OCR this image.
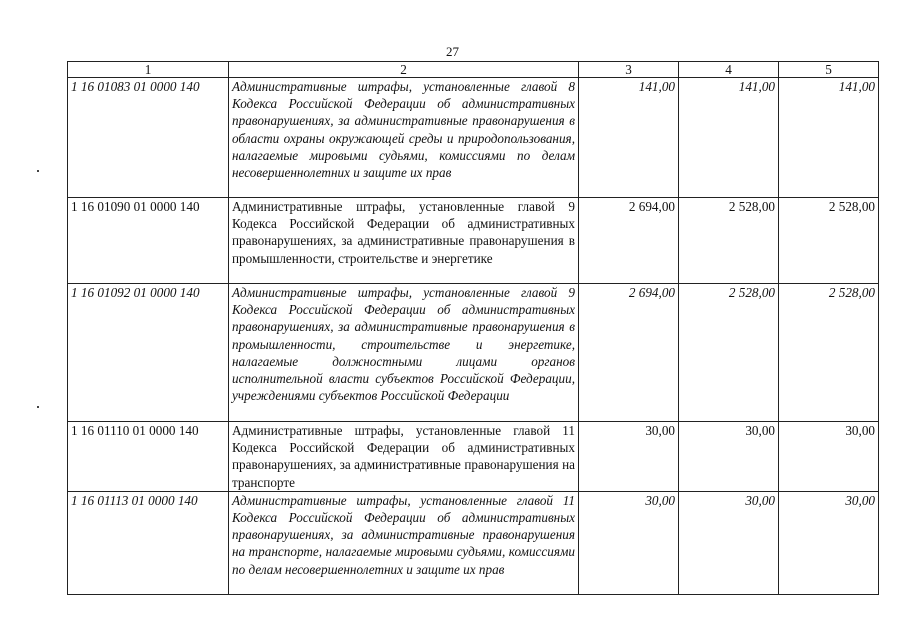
27
1	2	3	4	5
1 16 01083 01 0000 140	Административные штрафы, установленные главой 8 Кодекса Российской Федерации об административных правонарушениях, за административные правонарушения в области охраны окружающей среды и природопользования, налагаемые мировыми судьями, комиссиями по делам несовершеннолетних и защите их прав	141,00	141,00	141,00
1 16 01090 01 0000 140	Административные штрафы, установленные главой 9 Кодекса Российской Федерации об административных правонарушениях, за административные правонарушения в промышленности, строительстве и энергетике	2 694,00	2 528,00	2 528,00
1 16 01092 01 0000 140	Административные штрафы, установленные главой 9 Кодекса Российской Федерации об административных правонарушениях, за административные правонарушения в промышленности, строительстве и энергетике, налагаемые должностными лицами органов исполнительной власти субъектов Российской Федерации, учреждениями субъектов Российской Федерации	2 694,00	2 528,00	2 528,00
1 16 01110 01 0000 140	Административные штрафы, установленные главой 11 Кодекса Российской Федерации об административных правонарушениях, за административные правонарушения на транспорте	30,00	30,00	30,00
1 16 01113 01 0000 140	Административные штрафы, установленные главой 11 Кодекса Российской Федерации об административных правонарушениях, за административные правонарушения на транспорте, налагаемые мировыми судьями, комиссиями по делам несовершеннолетних и защите их прав	30,00	30,00	30,00
